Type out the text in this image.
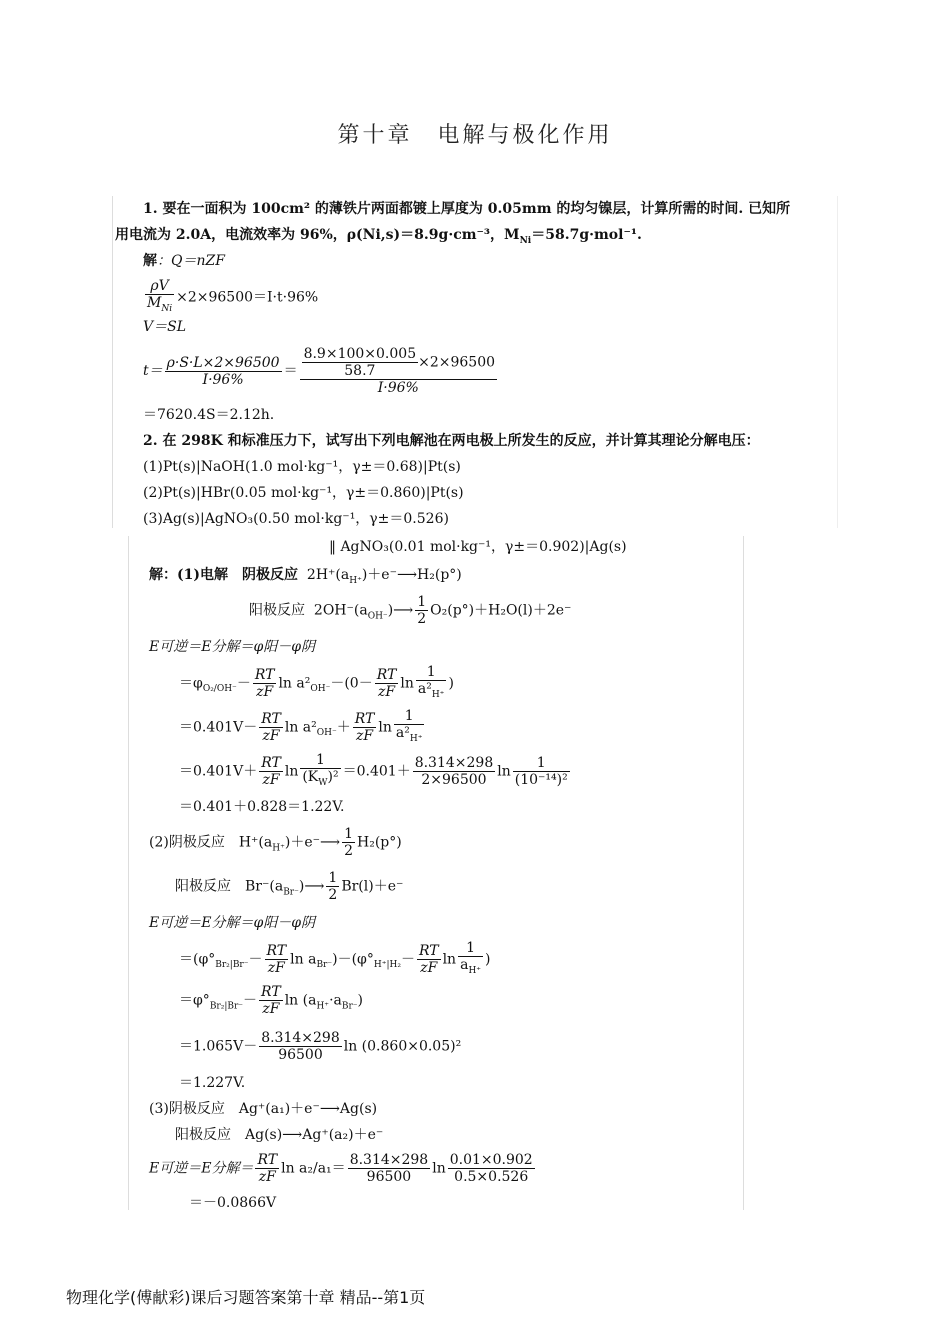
第十章　电解与极化作用
1. 要在一面积为 100cm² 的薄铁片两面都镀上厚度为 0.05mm 的均匀镍层，计算所需的时间. 已知所
用电流为 2.0A，电流效率为 96%，ρ(Ni,s)＝8.9g·cm⁻³，$M_{Ni}=58.7g\cdot mol^{-1}$.
解：Q＝nZF
$\frac{\rho V}{M_{Ni}} \times 2\times 96500=I\cdot t\cdot 96\%$
V＝SL
$t= \frac{\rho\cdot S\cdot L\times 2\times 96500}{I\cdot 96\%} = \frac{\frac{8.9\times 100\times 0.005}{58.7} \times 2\times 96500}{I\cdot 96\%}$
＝7620.4S＝2.12h.
2. 在 298K 和标准压力下，试写出下列电解池在两电极上所发生的反应，并计算其理论分解电压：
(1)Pt(s)|NaOH(1.0 mol·kg⁻¹，γ±＝0.68)|Pt(s)
(2)Pt(s)|HBr(0.05 mol·kg⁻¹，γ±＝0.860)|Pt(s)
(3)Ag(s)|AgNO₃(0.50 mol·kg⁻¹，γ±＝0.526)
‖ AgNO₃(0.01 mol·kg⁻¹，γ±＝0.902)|Ag(s)
解：(1)电解　阴极反应 $2H^+(a_{H^+})+e^-⟶H_2(p^\circ)$
阳极反应 $2OH^-(a_{OH^-})⟶ \frac{1}{2} O_2(p^\circ)+H_2O(l)+2e^-$
E可逆＝E分解＝φ阳－φ阴
$=\varphi_{O_2/OH^-}- \frac{RT}{zF}$ $\ln a^2_{OH^-}-(0- \frac{RT}{zF}$ $\ln \frac{1}{a^2_{H^+}}$ )
$=0.401V- \frac{RT}{zF}$ $\ln a^2_{OH^-}+ \frac{RT}{zF}$ $\ln \frac{1}{a^2_{H^+}}$
$=0.401V+ \frac{RT}{zF}$ $\ln \frac{1}{(K_W)^2} =0.401+ \frac{8.314\times 298}{2\times 96500}$ $\ln \frac{1}{\text{(10⁻¹⁴)²}}$
＝0.401＋0.828＝1.22V.
(2)阴极反应　$H^+(a_{H^+})+e^-⟶ \frac{1}{2} H_2(p^\circ)$
阳极反应　$Br^-(a_{Br^-})⟶ \frac{1}{2} Br(l)+e^-$
E可逆＝E分解＝φ阳－φ阴
$=(\varphi^\circ_{Br_2|Br^-}- \frac{RT}{zF}$ $\ln a_{Br^-})-(\varphi^\circ_{H^+|H_2}- \frac{RT}{zF}$ $\ln \frac{1}{a_{H^+}}$ )
$=\varphi^\circ_{Br_2|Br^-}- \frac{RT}{zF}$ $\ln (a_{H^+}\cdot a_{Br^-})$
$=1.065V- \frac{8.314\times 298}{96500}$ ln (0.860×0.05)²
＝1.227V.
(3)阴极反应　Ag⁺(a₁)＋e⁻⟶Ag(s)
阳极反应　Ag(s)⟶Ag⁺(a₂)＋e⁻
E可逆＝E分解＝ $\frac{RT}{zF}$ $\ln a_2/a_1= \frac{8.314\times 298}{96500}$ $\ln \frac{0.01\times 0.902}{0.5\times 0.526}$
＝－0.0866V
物理化学(傅献彩)课后习题答案第十章 精品--第1页
